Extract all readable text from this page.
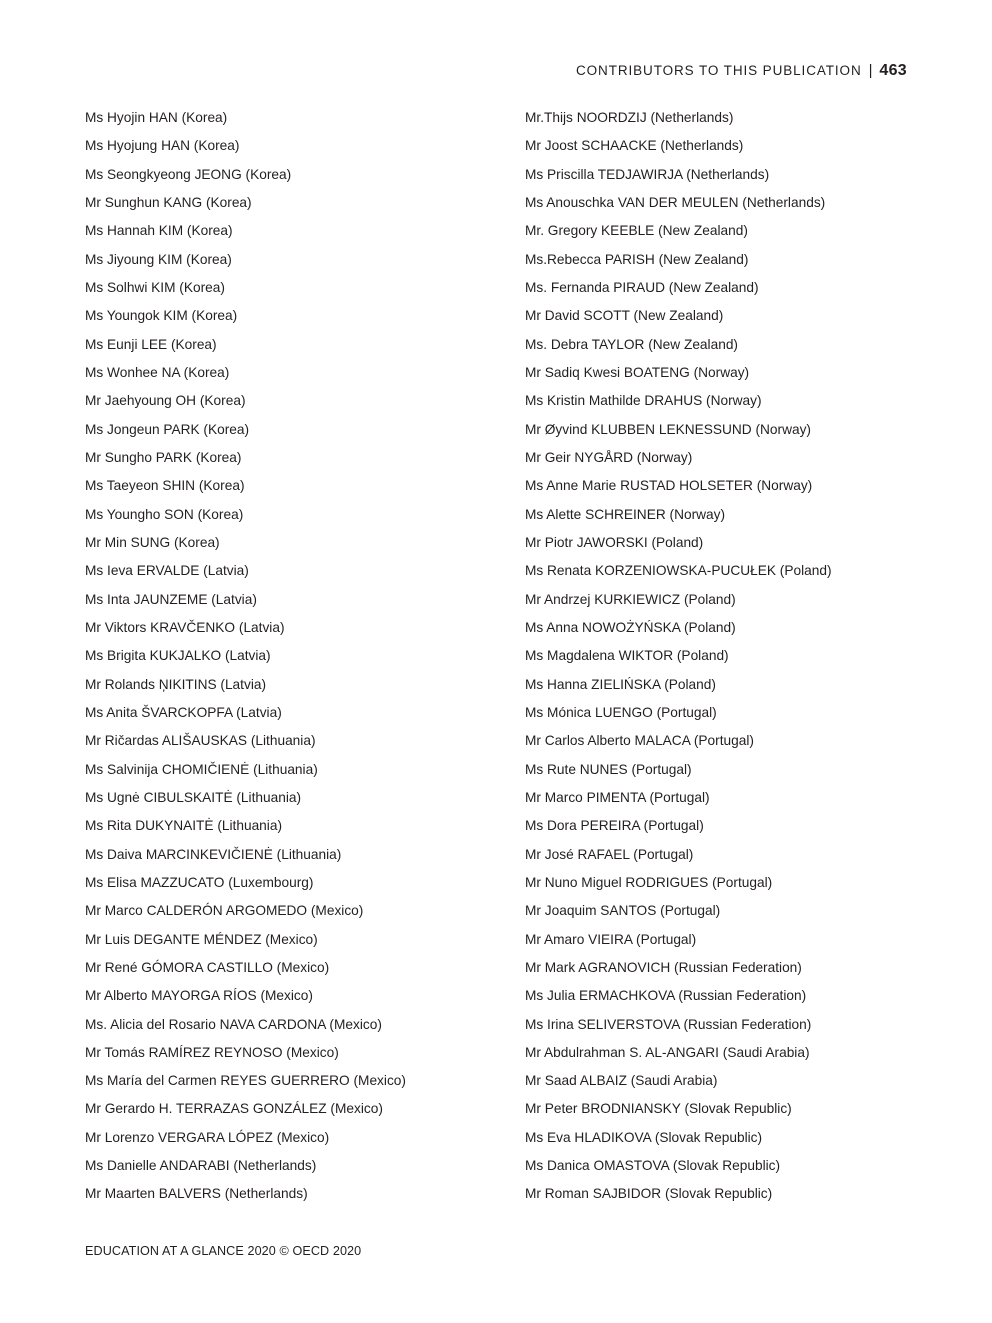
CONTRIBUTORS TO THIS PUBLICATION | 463
Ms Hyojin HAN (Korea)
Ms Hyojung HAN (Korea)
Ms Seongkyeong JEONG (Korea)
Mr Sunghun KANG (Korea)
Ms Hannah KIM (Korea)
Ms Jiyoung KIM (Korea)
Ms Solhwi KIM (Korea)
Ms Youngok KIM (Korea)
Ms Eunji LEE (Korea)
Ms Wonhee NA (Korea)
Mr Jaehyoung OH (Korea)
Ms Jongeun PARK (Korea)
Mr Sungho PARK (Korea)
Ms Taeyeon SHIN (Korea)
Ms Youngho SON (Korea)
Mr Min SUNG (Korea)
Ms Ieva ERVALDE (Latvia)
Ms Inta JAUNZEME (Latvia)
Mr Viktors KRAVČENKO (Latvia)
Ms Brigita KUKJALKO (Latvia)
Mr Rolands ŅIKITINS (Latvia)
Ms Anita ŠVARCKOPFA (Latvia)
Mr Ričardas ALIŠAUSKAS (Lithuania)
Ms Salvinija CHOMIČIENĖ (Lithuania)
Ms Ugnė CIBULSKAITĖ (Lithuania)
Ms Rita DUKYNAITĖ (Lithuania)
Ms Daiva MARCINKEVIČIENĖ (Lithuania)
Ms Elisa MAZZUCATO (Luxembourg)
Mr Marco CALDERÓN ARGOMEDO (Mexico)
Mr Luis DEGANTE MÉNDEZ (Mexico)
Mr René GÓMORA CASTILLO (Mexico)
Mr Alberto MAYORGA RÍOS (Mexico)
Ms. Alicia del Rosario NAVA CARDONA (Mexico)
Mr Tomás RAMÍREZ REYNOSO (Mexico)
Ms María del Carmen REYES GUERRERO (Mexico)
Mr Gerardo H. TERRAZAS GONZÁLEZ (Mexico)
Mr Lorenzo VERGARA LÓPEZ (Mexico)
Ms Danielle ANDARABI (Netherlands)
Mr Maarten BALVERS (Netherlands)
Mr.Thijs NOORDZIJ (Netherlands)
Mr Joost SCHAACKE (Netherlands)
Ms Priscilla TEDJAWIRJA (Netherlands)
Ms Anouschka VAN DER MEULEN (Netherlands)
Mr. Gregory KEEBLE (New Zealand)
Ms.Rebecca PARISH (New Zealand)
Ms. Fernanda PIRAUD (New Zealand)
Mr David SCOTT (New Zealand)
Ms. Debra TAYLOR (New Zealand)
Mr Sadiq Kwesi BOATENG (Norway)
Ms Kristin Mathilde DRAHUS (Norway)
Mr Øyvind KLUBBEN LEKNESSUND (Norway)
Mr Geir NYGÅRD (Norway)
Ms Anne Marie RUSTAD HOLSETER (Norway)
Ms Alette SCHREINER (Norway)
Mr Piotr JAWORSKI (Poland)
Ms Renata KORZENIOWSKA-PUCUŁEK (Poland)
Mr Andrzej KURKIEWICZ (Poland)
Ms Anna NOWOŻYŃSKA (Poland)
Ms Magdalena WIKTOR (Poland)
Ms Hanna ZIELIŃSKA (Poland)
Ms Mónica LUENGO (Portugal)
Mr Carlos Alberto MALACA (Portugal)
Ms Rute NUNES (Portugal)
Mr Marco PIMENTA (Portugal)
Ms Dora PEREIRA (Portugal)
Mr José RAFAEL (Portugal)
Mr Nuno Miguel RODRIGUES (Portugal)
Mr Joaquim SANTOS (Portugal)
Mr Amaro VIEIRA (Portugal)
Mr Mark AGRANOVICH (Russian Federation)
Ms Julia ERMACHKOVA (Russian Federation)
Ms Irina SELIVERSTOVA (Russian Federation)
Mr Abdulrahman S. AL-ANGARI (Saudi Arabia)
Mr Saad ALBAIZ (Saudi Arabia)
Mr Peter BRODNIANSKY (Slovak Republic)
Ms Eva HLADIKOVA (Slovak Republic)
Ms Danica OMASTOVA (Slovak Republic)
Mr Roman SAJBIDOR (Slovak Republic)
EDUCATION AT A GLANCE 2020 © OECD 2020
